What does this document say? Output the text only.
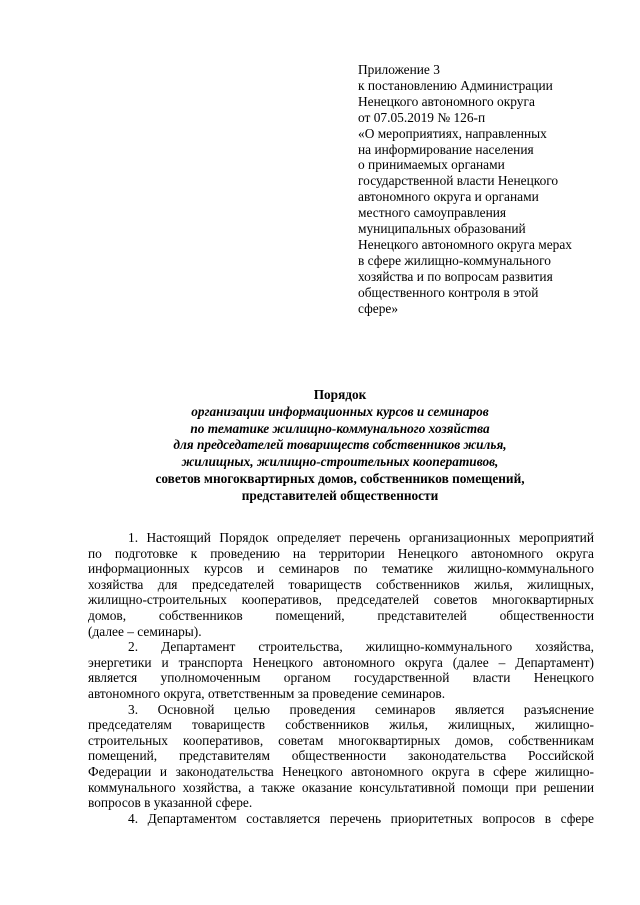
Приложение 3
к постановлению Администрации
Ненецкого автономного округа
от 07.05.2019 № 126-п
«О мероприятиях, направленных
на информирование населения
о принимаемых органами
государственной власти Ненецкого
автономного округа и органами
местного самоуправления
муниципальных образований
Ненецкого автономного округа мерах
в сфере жилищно-коммунального
хозяйства и по вопросам развития
общественного контроля в этой
сфере»
Порядок
организации информационных курсов и семинаров
по тематике жилищно-коммунального хозяйства
для председателей товариществ собственников жилья,
жилищных, жилищно-строительных кооперативов,
советов многоквартирных домов, собственников помещений,
представителей общественности
1. Настоящий Порядок определяет перечень организационных мероприятий
по подготовке к проведению на территории Ненецкого автономного округа
информационных курсов и семинаров по тематике жилищно-коммунального
хозяйства для председателей товариществ собственников жилья, жилищных,
жилищно-строительных кооперативов, председателей советов многоквартирных
домов, собственников помещений, представителей общественности
(далее – семинары).
2. Департамент строительства, жилищно-коммунального хозяйства,
энергетики и транспорта Ненецкого автономного округа (далее – Департамент)
является уполномоченным органом государственной власти Ненецкого
автономного округа, ответственным за проведение семинаров.
3. Основной целью проведения семинаров является разъяснение
председателям товариществ собственников жилья, жилищных, жилищно-
строительных кооперативов, советам многоквартирных домов, собственникам
помещений, представителям общественности законодательства Российской
Федерации и законодательства Ненецкого автономного округа в сфере жилищно-
коммунального хозяйства, а также оказание консультативной помощи при решении
вопросов в указанной сфере.
4. Департаментом составляется перечень приоритетных вопросов в сфере
